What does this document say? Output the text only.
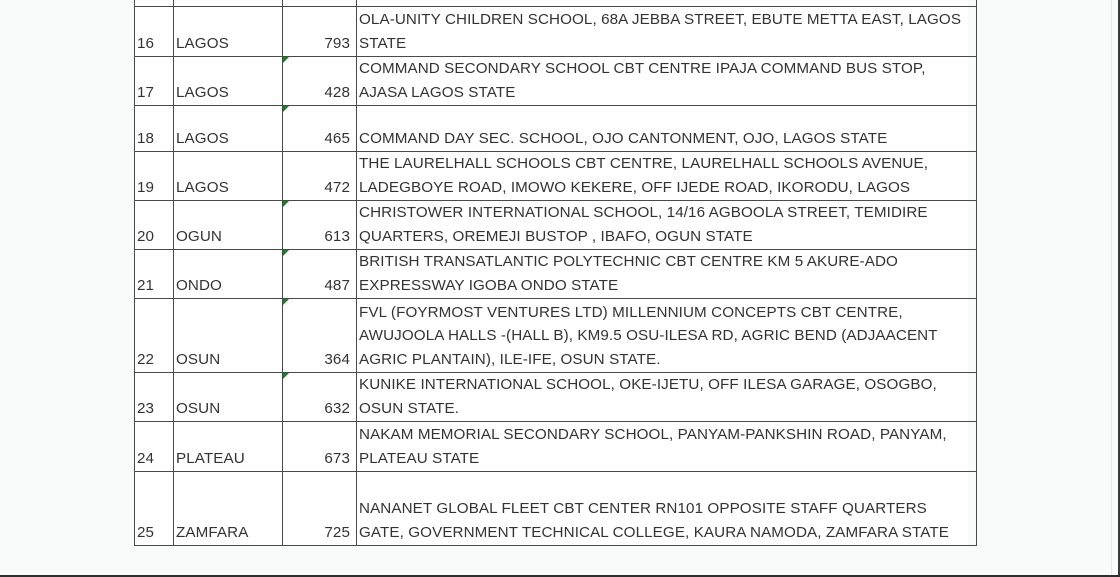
16	LAGOS	793	OLA-UNITY CHILDREN SCHOOL, 68A JEBBA STREET, EBUTE METTA EAST, LAGOS
STATE

17	LAGOS	428	COMMAND SECONDARY SCHOOL CBT CENTRE IPAJA COMMAND BUS STOP,
AJASA LAGOS STATE

18	LAGOS	465	COMMAND DAY SEC. SCHOOL, OJO CANTONMENT, OJO, LAGOS STATE

19	LAGOS	472	THE LAURELHALL SCHOOLS CBT CENTRE, LAURELHALL SCHOOLS AVENUE,
LADEGBOYE ROAD, IMOWO KEKERE, OFF IJEDE ROAD, IKORODU, LAGOS

20	OGUN	613	CHRISTOWER INTERNATIONAL SCHOOL, 14/16 AGBOOLA STREET, TEMIDIRE
QUARTERS, OREMEJI BUSTOP , IBAFO, OGUN STATE

21	ONDO	487	BRITISH TRANSATLANTIC POLYTECHNIC CBT CENTRE KM 5 AKURE-ADO
EXPRESSWAY IGOBA ONDO STATE

22	OSUN	364	FVL (FOYRMOST VENTURES LTD) MILLENNIUM CONCEPTS CBT CENTRE,
AWUJOOLA HALLS -(HALL B), KM9.5 OSU-ILESA RD, AGRIC BEND (ADJAACENT
AGRIC PLANTAIN), ILE-IFE, OSUN STATE.

23	OSUN	632	KUNIKE INTERNATIONAL SCHOOL, OKE-IJETU, OFF ILESA GARAGE, OSOGBO,
OSUN STATE.

24	PLATEAU	673	NAKAM MEMORIAL SECONDARY SCHOOL, PANYAM-PANKSHIN ROAD, PANYAM,
PLATEAU STATE

25	ZAMFARA	725	NANANET GLOBAL FLEET CBT CENTER RN101 OPPOSITE STAFF QUARTERS
GATE, GOVERNMENT TECHNICAL COLLEGE, KAURA NAMODA, ZAMFARA STATE
